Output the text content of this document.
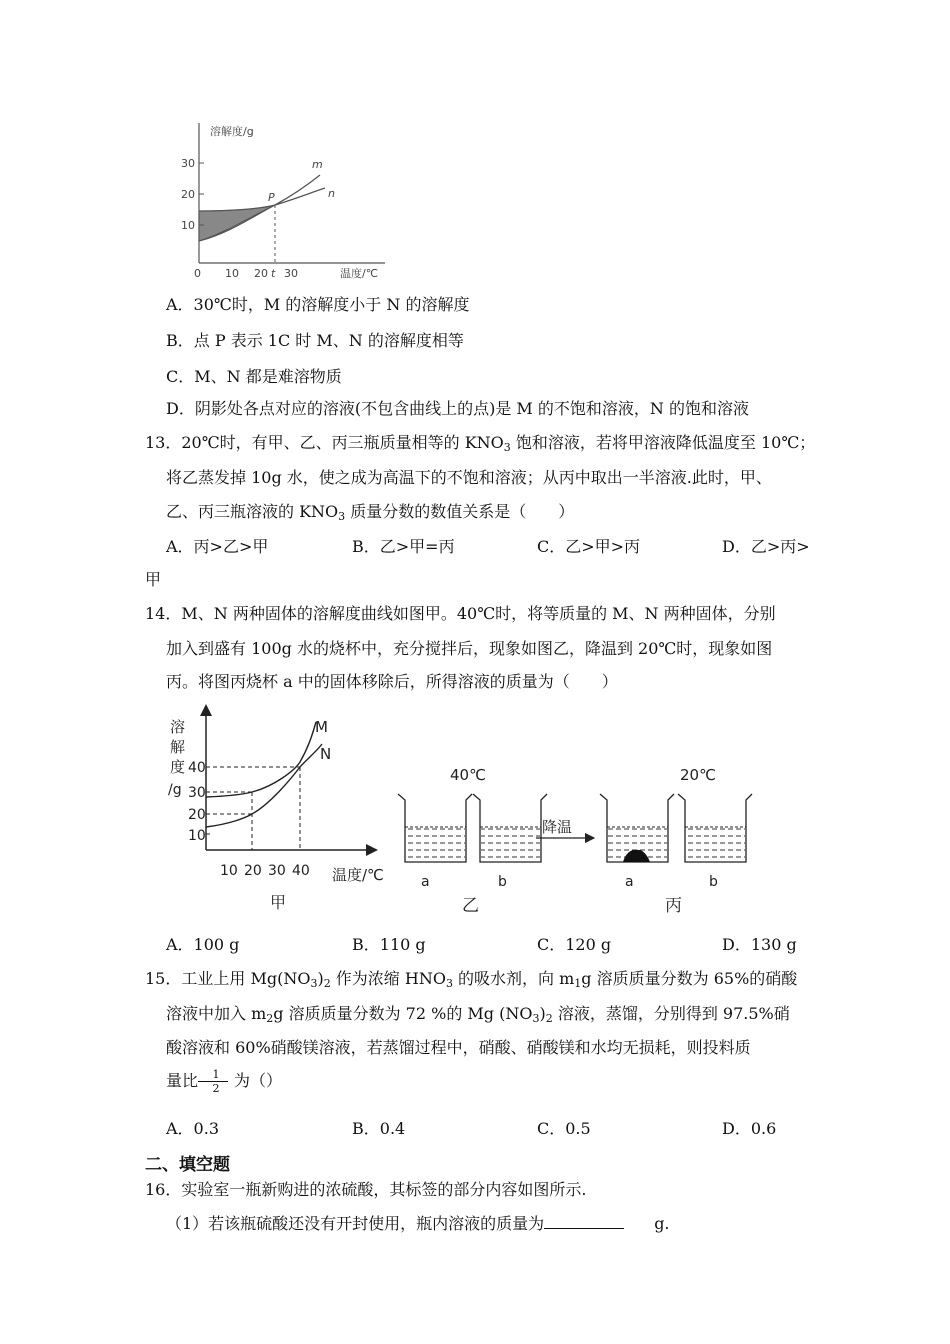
溶解度/g
30
20
10
0 10 20 t 30	温度/℃
m
n
P
A．30℃时，M 的溶解度小于 N 的溶解度
B．点 P 表示 1C 时 M、N 的溶解度相等
C．M、N 都是难溶物质
D．阴影处各点对应的溶液(不包含曲线上的点)是 M 的不饱和溶液，N 的饱和溶液
13．20℃时，有甲、乙、丙三瓶质量相等的 $KNO_3$ 饱和溶液，若将甲溶液降低温度至 10℃；
将乙蒸发掉 10g 水，使之成为高温下的不饱和溶液；从丙中取出一半溶液.此时，甲、
乙、丙三瓶溶液的 $KNO_3$ 质量分数的数值关系是（　　）
A．丙>乙>甲	B．乙>甲=丙	C．乙>甲>丙	D．乙>丙>
甲
14．M、N 两种固体的溶解度曲线如图甲。40℃时，将等质量的 M、N 两种固体，分别
加入到盛有 100g 水的烧杯中，充分搅拌后，现象如图乙，降温到 20℃时，现象如图
丙。将图丙烧杯 a 中的固体移除后，所得溶液的质量为（　　）
溶
解
度
/g
40
30
20
10
10 20 30 40 温度/℃
M
N
甲
40℃
a	b
乙
降温
20℃
a	b
丙
A．100 g	B．110 g	C．120 g	D．130 g
15．工业上用 $Mg(NO_3)_2$ 作为浓缩 $HNO_3$ 的吸水剂，向 $m_1g$ 溶质质量分数为 65%的硝酸
溶液中加入 $m_2g$ 溶质质量分数为 72 %的 Mg $(NO_3)_2$ 溶液，蒸馏，分别得到 97.5%硝
酸溶液和 60%硝酸镁溶液，若蒸馏过程中，硝酸、硝酸镁和水均无损耗，则投料质
量比 $\frac{1}{2}$ 为（）
A．0.3	B．0.4	C．0.5	D．0.6
二、填空题
16．实验室一瓶新购进的浓硫酸，其标签的部分内容如图所示.
（1）若该瓶硫酸还没有开封使用，瓶内溶液的质量为	g.
